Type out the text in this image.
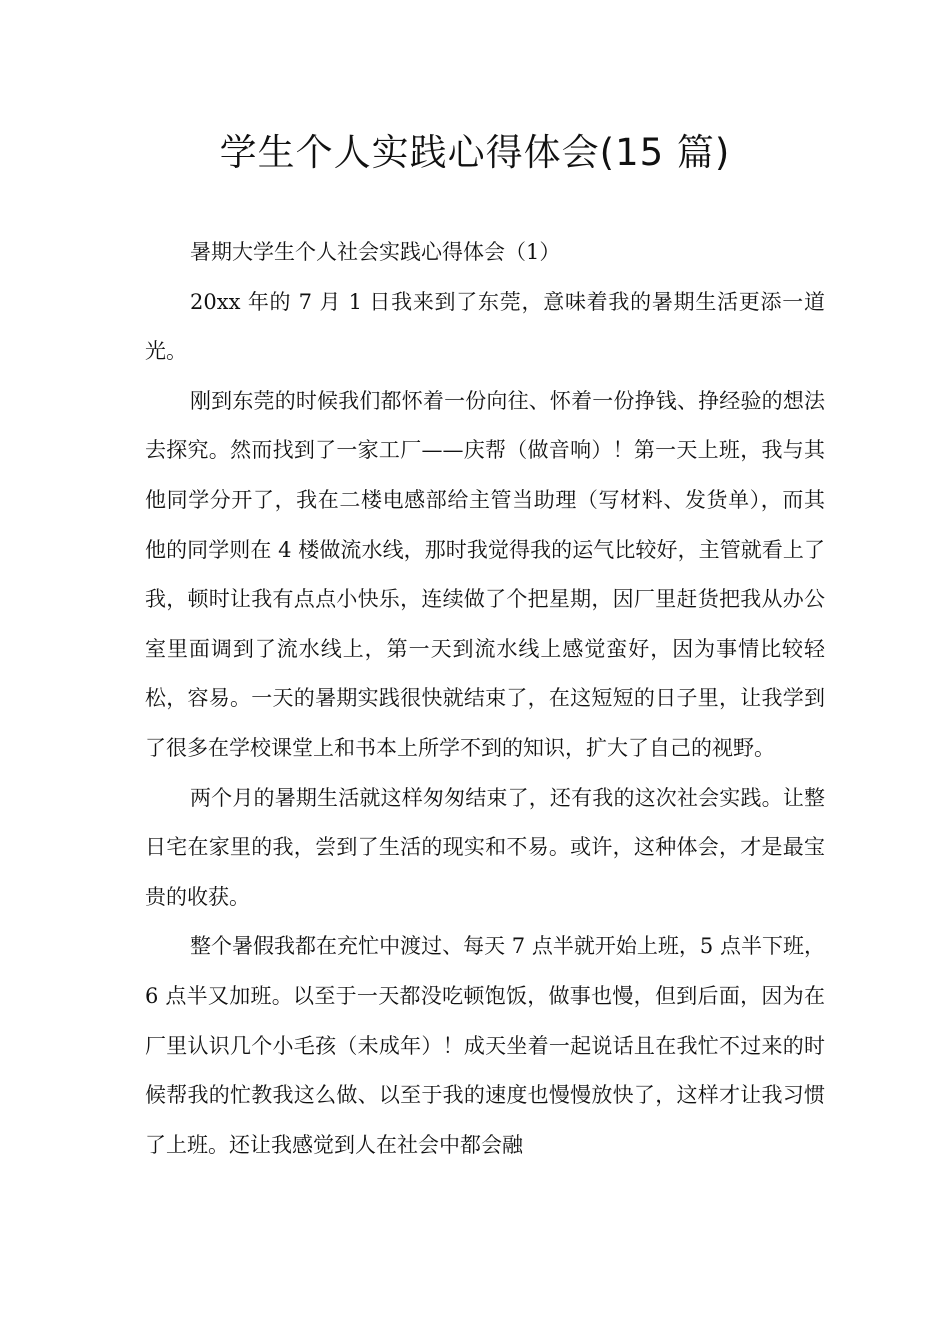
学生个人实践心得体会(15 篇)

暑期大学生个人社会实践心得体会（1）

20xx 年的 7 月 1 日我来到了东莞，意味着我的暑期生活更添一道光。

刚到东莞的时候我们都怀着一份向往、怀着一份挣钱、挣经验的想法去探究。然而找到了一家工厂——庆帮（做音响）！第一天上班，我与其他同学分开了，我在二楼电感部给主管当助理（写材料、发货单），而其他的同学则在 4 楼做流水线，那时我觉得我的运气比较好，主管就看上了我，顿时让我有点点小快乐，连续做了个把星期，因厂里赶货把我从办公室里面调到了流水线上，第一天到流水线上感觉蛮好，因为事情比较轻松，容易。一天的暑期实践很快就结束了，在这短短的日子里，让我学到了很多在学校课堂上和书本上所学不到的知识，扩大了自己的视野。

两个月的暑期生活就这样匆匆结束了，还有我的这次社会实践。让整日宅在家里的我，尝到了生活的现实和不易。或许，这种体会，才是最宝贵的收获。

整个暑假我都在充忙中渡过、每天 7 点半就开始上班，5 点半下班，6 点半又加班。以至于一天都没吃顿饱饭，做事也慢，但到后面，因为在厂里认识几个小毛孩（未成年）！成天坐着一起说话且在我忙不过来的时候帮我的忙教我这么做、以至于我的速度也慢慢放快了，这样才让我习惯了上班。还让我感觉到人在社会中都会融
